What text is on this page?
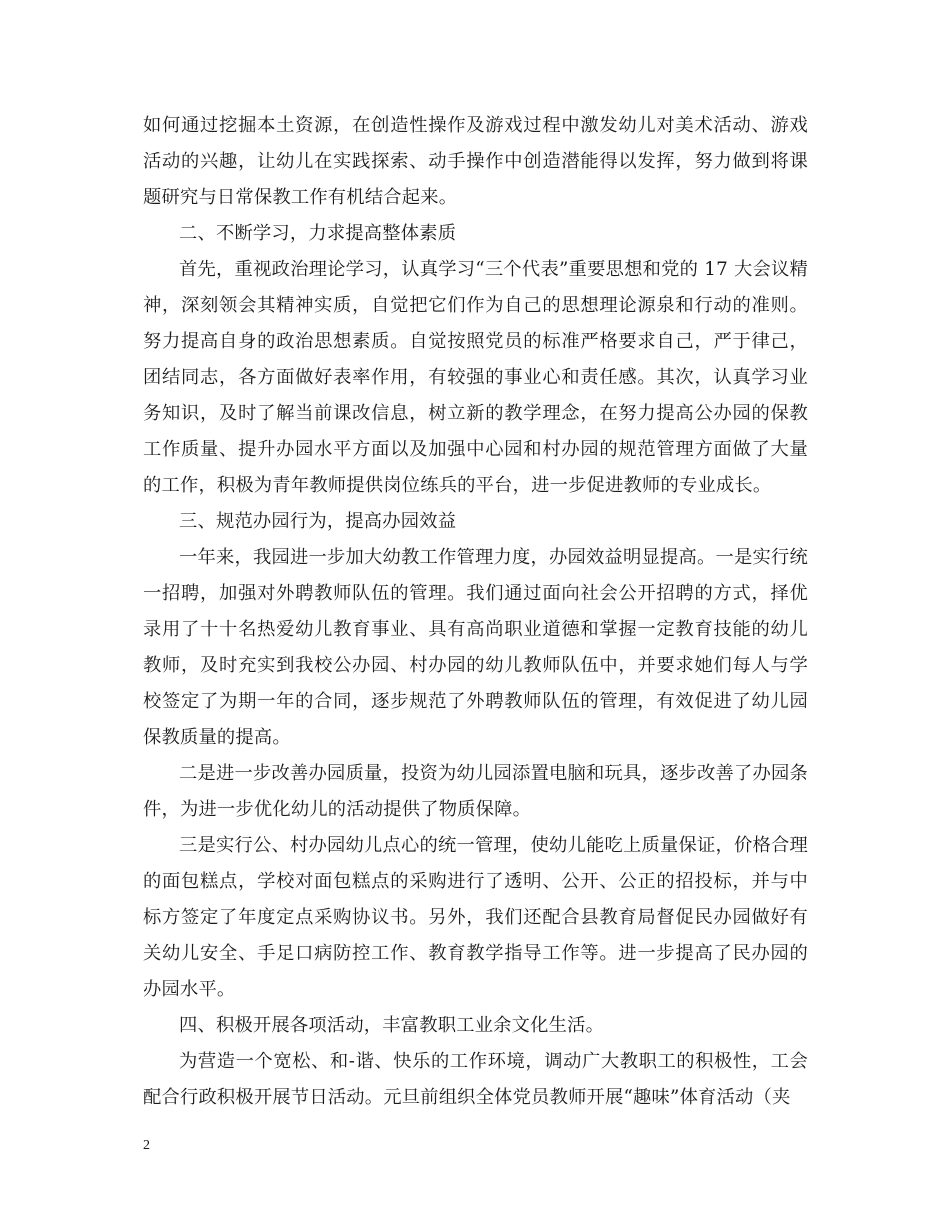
如何通过挖掘本土资源，在创造性操作及游戏过程中激发幼儿对美术活动、游戏活动的兴趣，让幼儿在实践探索、动手操作中创造潜能得以发挥，努力做到将课题研究与日常保教工作有机结合起来。

二、不断学习，力求提高整体素质

首先，重视政治理论学习，认真学习“三个代表”重要思想和党的 17 大会议精神，深刻领会其精神实质，自觉把它们作为自己的思想理论源泉和行动的准则。努力提高自身的政治思想素质。自觉按照党员的标准严格要求自己，严于律己，团结同志，各方面做好表率作用，有较强的事业心和责任感。其次，认真学习业务知识，及时了解当前课改信息，树立新的教学理念，在努力提高公办园的保教工作质量、提升办园水平方面以及加强中心园和村办园的规范管理方面做了大量的工作，积极为青年教师提供岗位练兵的平台，进一步促进教师的专业成长。

三、规范办园行为，提高办园效益

一年来，我园进一步加大幼教工作管理力度，办园效益明显提高。一是实行统一招聘，加强对外聘教师队伍的管理。我们通过面向社会公开招聘的方式，择优录用了十十名热爱幼儿教育事业、具有高尚职业道德和掌握一定教育技能的幼儿教师，及时充实到我校公办园、村办园的幼儿教师队伍中，并要求她们每人与学校签定了为期一年的合同，逐步规范了外聘教师队伍的管理，有效促进了幼儿园保教质量的提高。

二是进一步改善办园质量，投资为幼儿园添置电脑和玩具，逐步改善了办园条件，为进一步优化幼儿的活动提供了物质保障。

三是实行公、村办园幼儿点心的统一管理，使幼儿能吃上质量保证，价格合理的面包糕点，学校对面包糕点的采购进行了透明、公开、公正的招投标，并与中标方签定了年度定点采购协议书。另外，我们还配合县教育局督促民办园做好有关幼儿安全、手足口病防控工作、教育教学指导工作等。进一步提高了民办园的办园水平。

四、积极开展各项活动，丰富教职工业余文化生活。

为营造一个宽松、和-谐、快乐的工作环境，调动广大教职工的积极性，工会配合行政积极开展节日活动。元旦前组织全体党员教师开展“趣味”体育活动（夹

2
